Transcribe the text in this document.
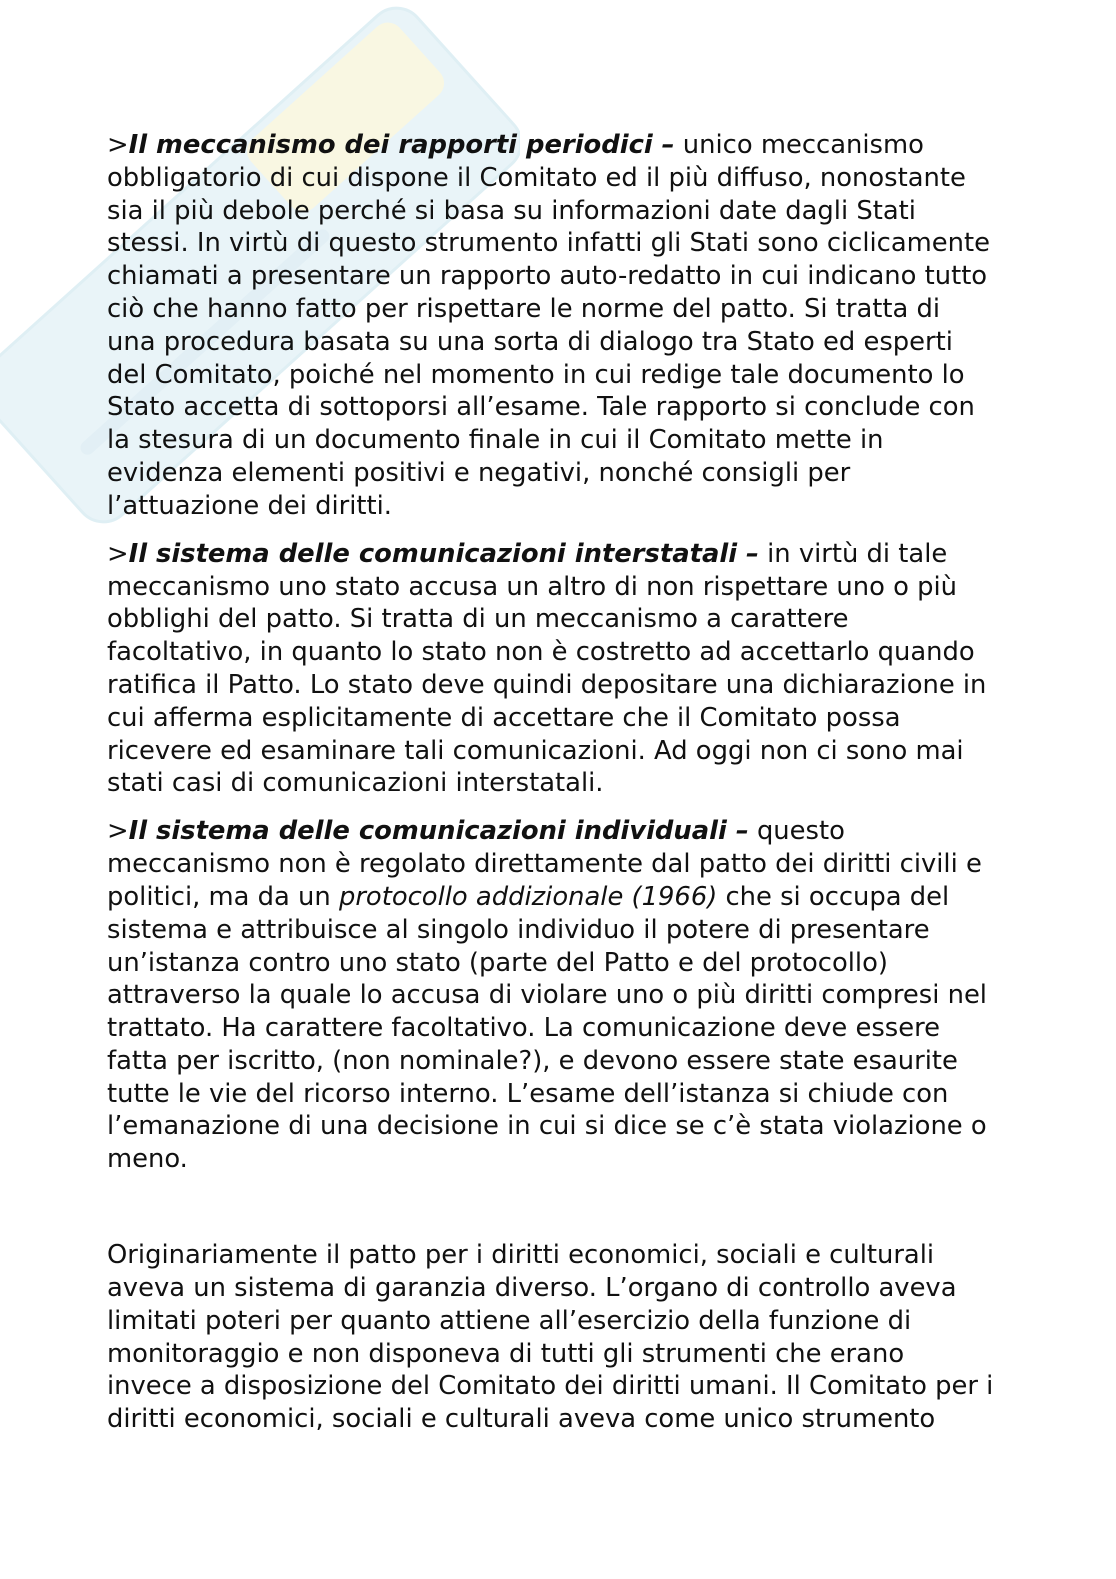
>Il meccanismo dei rapporti periodici – unico meccanismo
obbligatorio di cui dispone il Comitato ed il più diffuso, nonostante
sia il più debole perché si basa su informazioni date dagli Stati
stessi. In virtù di questo strumento infatti gli Stati sono ciclicamente
chiamati a presentare un rapporto auto-redatto in cui indicano tutto
ciò che hanno fatto per rispettare le norme del patto. Si tratta di
una procedura basata su una sorta di dialogo tra Stato ed esperti
del Comitato, poiché nel momento in cui redige tale documento lo
Stato accetta di sottoporsi all’esame. Tale rapporto si conclude con
la stesura di un documento finale in cui il Comitato mette in
evidenza elementi positivi e negativi, nonché consigli per
l’attuazione dei diritti.
>Il sistema delle comunicazioni interstatali – in virtù di tale
meccanismo uno stato accusa un altro di non rispettare uno o più
obblighi del patto. Si tratta di un meccanismo a carattere
facoltativo, in quanto lo stato non è costretto ad accettarlo quando
ratifica il Patto. Lo stato deve quindi depositare una dichiarazione in
cui afferma esplicitamente di accettare che il Comitato possa
ricevere ed esaminare tali comunicazioni. Ad oggi non ci sono mai
stati casi di comunicazioni interstatali.
>Il sistema delle comunicazioni individuali – questo
meccanismo non è regolato direttamente dal patto dei diritti civili e
politici, ma da un protocollo addizionale (1966) che si occupa del
sistema e attribuisce al singolo individuo il potere di presentare
un’istanza contro uno stato (parte del Patto e del protocollo)
attraverso la quale lo accusa di violare uno o più diritti compresi nel
trattato. Ha carattere facoltativo. La comunicazione deve essere
fatta per iscritto, (non nominale?), e devono essere state esaurite
tutte le vie del ricorso interno. L’esame dell’istanza si chiude con
l’emanazione di una decisione in cui si dice se c’è stata violazione o
meno.
Originariamente il patto per i diritti economici, sociali e culturali
aveva un sistema di garanzia diverso. L’organo di controllo aveva
limitati poteri per quanto attiene all’esercizio della funzione di
monitoraggio e non disponeva di tutti gli strumenti che erano
invece a disposizione del Comitato dei diritti umani. Il Comitato per i
diritti economici, sociali e culturali aveva come unico strumento
